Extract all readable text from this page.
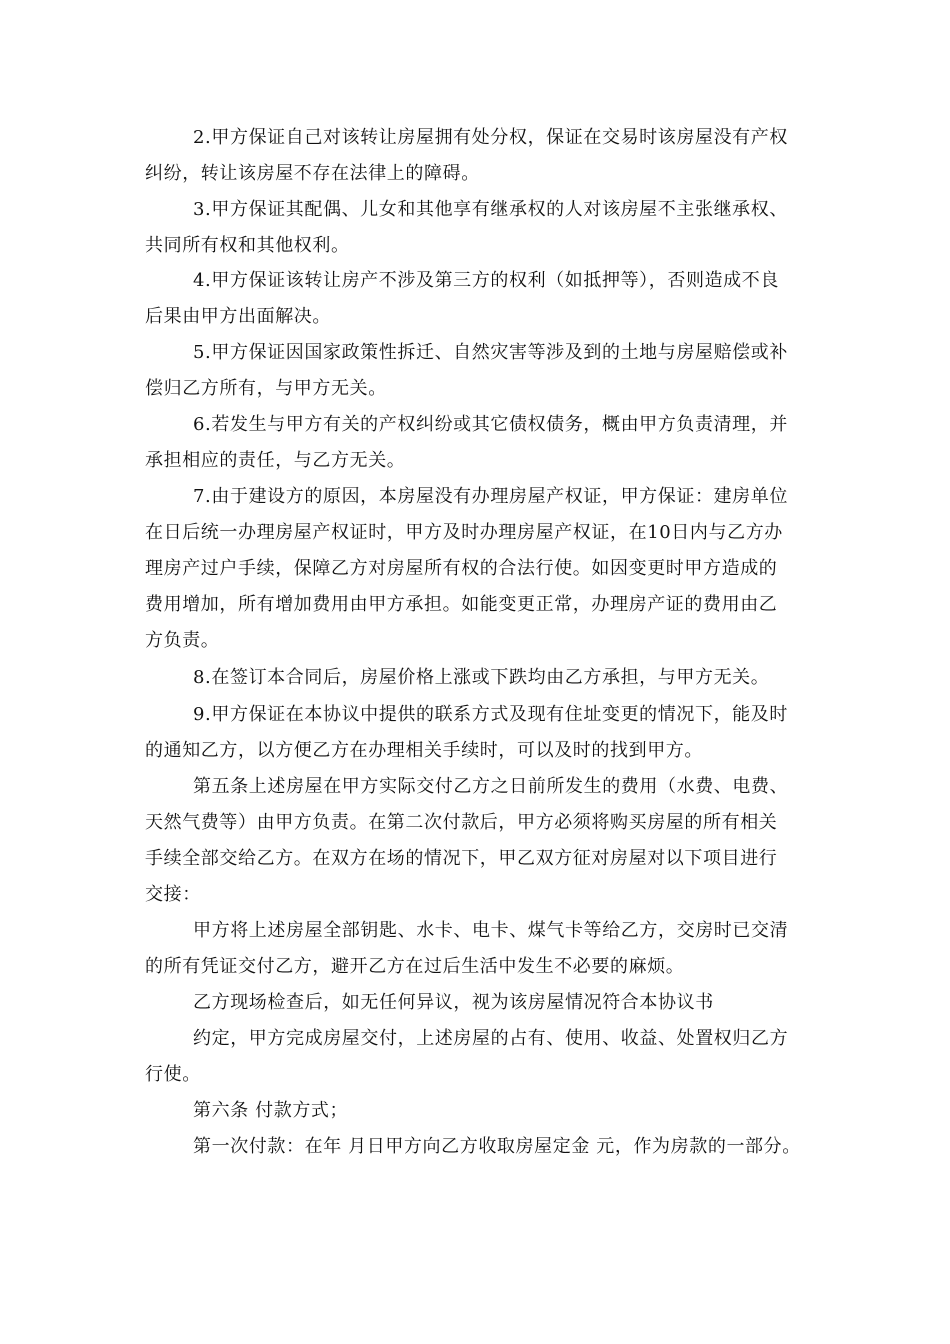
2.甲方保证自己对该转让房屋拥有处分权，保证在交易时该房屋没有产权
纠纷，转让该房屋不存在法律上的障碍。
3.甲方保证其配偶、儿女和其他享有继承权的人对该房屋不主张继承权、
共同所有权和其他权利。
4.甲方保证该转让房产不涉及第三方的权利（如抵押等），否则造成不良
后果由甲方出面解决。
5.甲方保证因国家政策性拆迁、自然灾害等涉及到的土地与房屋赔偿或补
偿归乙方所有，与甲方无关。
6.若发生与甲方有关的产权纠纷或其它债权债务，概由甲方负责清理，并
承担相应的责任，与乙方无关。
7.由于建设方的原因，本房屋没有办理房屋产权证，甲方保证：建房单位
在日后统一办理房屋产权证时，甲方及时办理房屋产权证，在10日内与乙方办
理房产过户手续，保障乙方对房屋所有权的合法行使。如因变更时甲方造成的
费用增加，所有增加费用由甲方承担。如能变更正常，办理房产证的费用由乙
方负责。
8.在签订本合同后，房屋价格上涨或下跌均由乙方承担，与甲方无关。
9.甲方保证在本协议中提供的联系方式及现有住址变更的情况下，能及时
的通知乙方，以方便乙方在办理相关手续时，可以及时的找到甲方。
第五条上述房屋在甲方实际交付乙方之日前所发生的费用（水费、电费、
天然气费等）由甲方负责。在第二次付款后，甲方必须将购买房屋的所有相关
手续全部交给乙方。在双方在场的情况下，甲乙双方征对房屋对以下项目进行
交接：
甲方将上述房屋全部钥匙、水卡、电卡、煤气卡等给乙方，交房时已交清
的所有凭证交付乙方，避开乙方在过后生活中发生不必要的麻烦。
乙方现场检查后，如无任何异议，视为该房屋情况符合本协议书
约定，甲方完成房屋交付，上述房屋的占有、使用、收益、处置权归乙方
行使。
第六条 付款方式；
第一次付款：在年 月日甲方向乙方收取房屋定金 元，作为房款的一部分。
